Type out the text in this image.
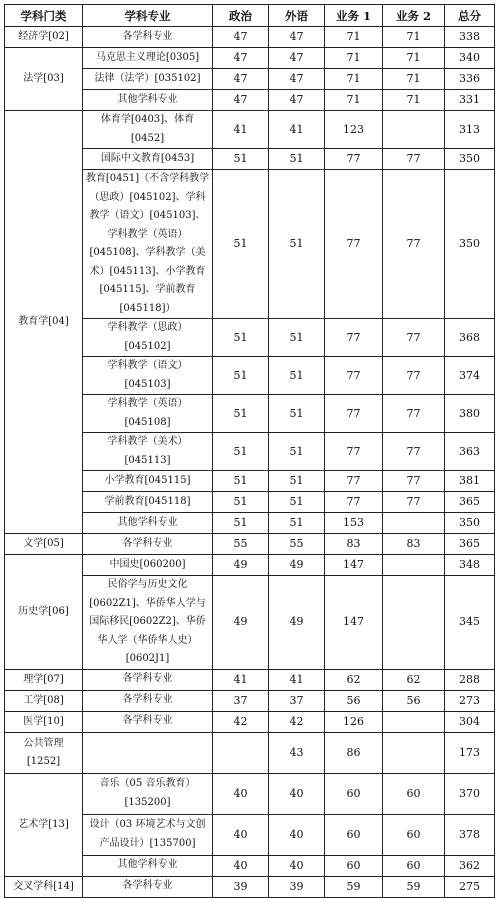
学科门类	学科专业	政治	外语	业务 1	业务 2	总分
经济学[02]	各学科专业	47	47	71	71	338
法学[03]	马克思主义理论[0305]	47	47	71	71	340
	法律（法学）[035102]	47	47	71	71	336
	其他学科专业	47	47	71	71	331
教育学[04]	体育学[0403]、体育[0452]	41	41	123		313
	国际中文教育[0453]	51	51	77	77	350
	教育[0451]（不含学科教学（思政）[045102]、学科教学（语文）[045103]、学科教学（英语）[045108]、学科教学（美术）[045113]、小学教育[045115]、学前教育[045118]）	51	51	77	77	350
	学科教学（思政）[045102]	51	51	77	77	368
	学科教学（语文）[045103]	51	51	77	77	374
	学科教学（英语）[045108]	51	51	77	77	380
	学科教学（美术）[045113]	51	51	77	77	363
	小学教育[045115]	51	51	77	77	381
	学前教育[045118]	51	51	77	77	365
	其他学科专业	51	51	153		350
文学[05]	各学科专业	55	55	83	83	365
历史学[06]	中国史[060200]	49	49	147		348
	民俗学与历史文化[0602Z1]、华侨华人学与国际移民[0602Z2]、华侨华人学（华侨华人史）[0602J1]	49	49	147		345
理学[07]	各学科专业	41	41	62	62	288
工学[08]	各学科专业	37	37	56	56	273
医学[10]	各学科专业	42	42	126		304
公共管理[1252]			43	86		173
艺术学[13]	音乐（05 音乐教育）[135200]	40	40	60	60	370
	设计（03 环境艺术与文创产品设计）[135700]	40	40	60	60	378
	其他学科专业	40	40	60	60	362
交叉学科[14]	各学科专业	39	39	59	59	275
